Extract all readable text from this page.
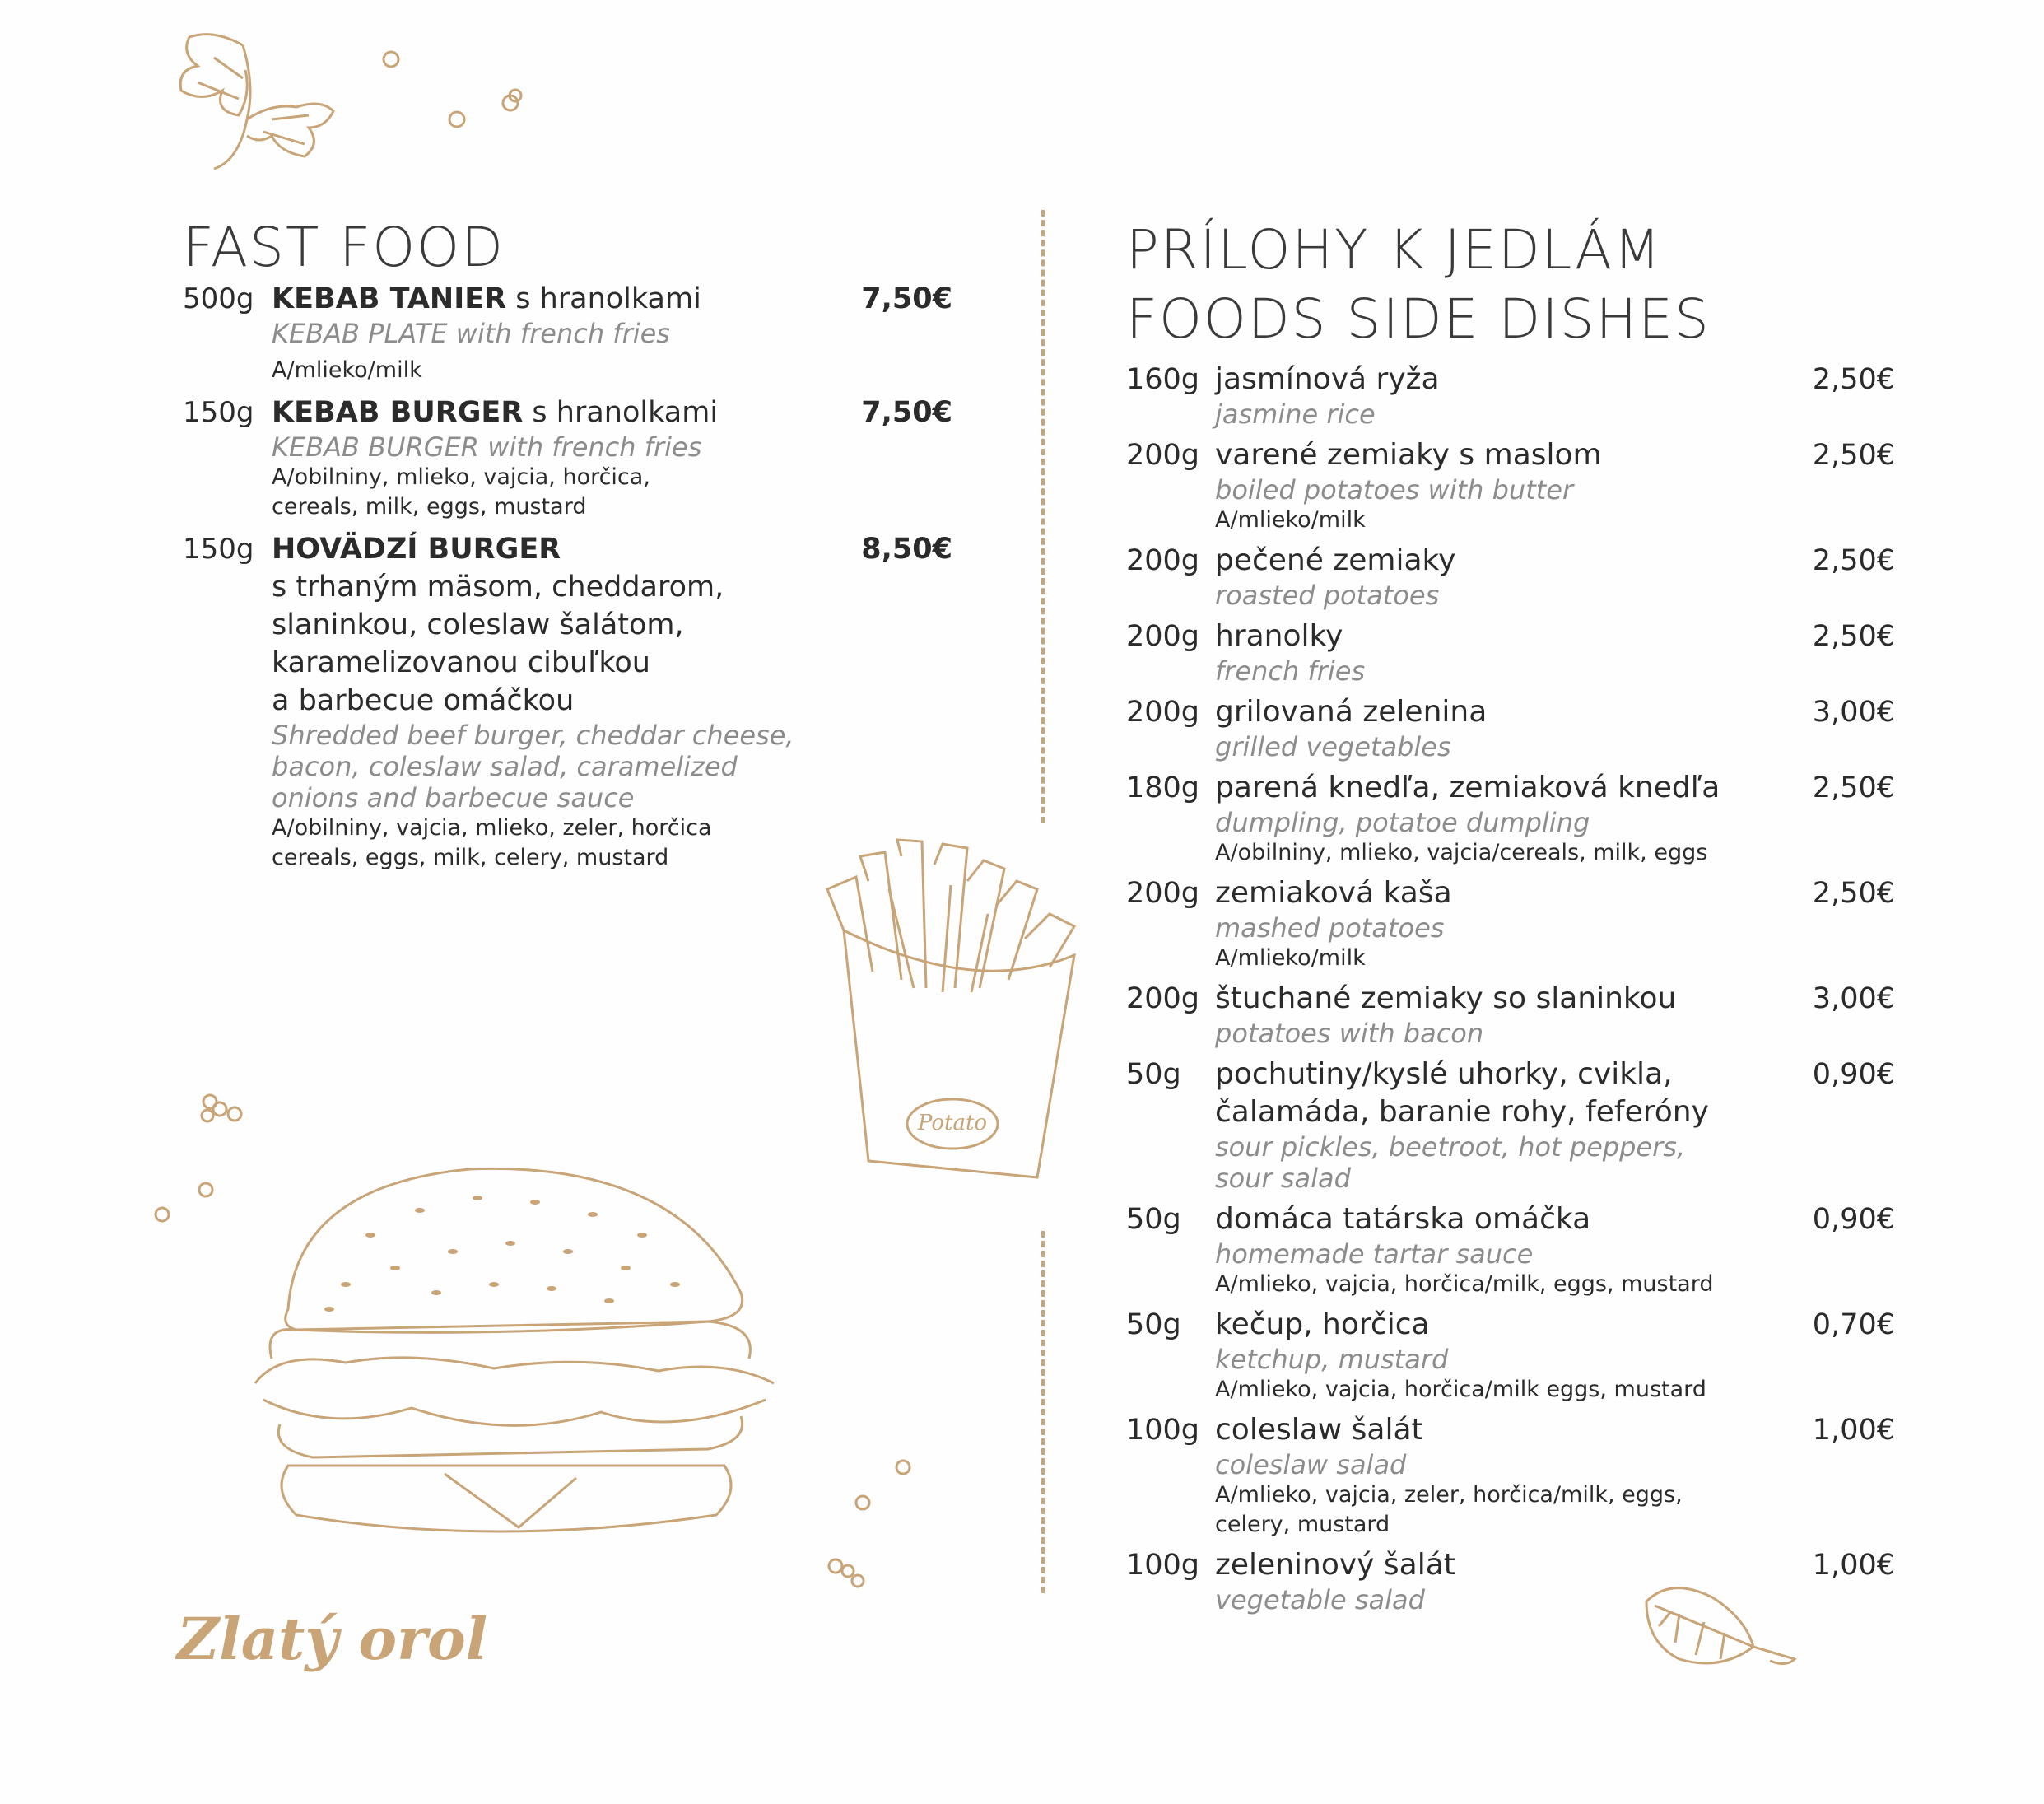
Potato
Zlatý orol
FAST FOOD
500g KEBAB TANIER s hranolkami	7,50€
KEBAB PLATE with french fries
A/mlieko/milk
150g KEBAB BURGER s hranolkami	7,50€
KEBAB BURGER with french fries
A/obilniny, mlieko, vajcia, horčica,
cereals, milk, eggs, mustard
150g HOVÄDZÍ BURGER	8,50€
s trhaným mäsom, cheddarom,
slaninkou, coleslaw šalátom,
karamelizovanou cibuľkou
a barbecue omáčkou
Shredded beef burger, cheddar cheese,
bacon, coleslaw salad, caramelized
onions and barbecue sauce
A/obilniny, vajcia, mlieko, zeler, horčica
cereals, eggs, milk, celery, mustard
PRÍLOHY K JEDLÁM
FOODS SIDE DISHES
160g jasmínová ryža	2,50€
jasmine rice
200g varené zemiaky s maslom	2,50€
boiled potatoes with butter
A/mlieko/milk
200g pečené zemiaky	2,50€
roasted potatoes
200g hranolky	2,50€
french fries
200g grilovaná zelenina	3,00€
grilled vegetables
180g parená knedľa, zemiaková knedľa	2,50€
dumpling, potatoe dumpling
A/obilniny, mlieko, vajcia/cereals, milk, eggs
200g zemiaková kaša	2,50€
mashed potatoes
A/mlieko/milk
200g štuchané zemiaky so slaninkou	3,00€
potatoes with bacon
50g pochutiny/kyslé uhorky, cvikla,
čalamáda, baranie rohy, feferóny
0,90€
sour pickles, beetroot, hot peppers,
sour salad
50g domáca tatárska omáčka	0,90€
homemade tartar sauce
A/mlieko, vajcia, horčica/milk, eggs, mustard
50g kečup, horčica	0,70€
ketchup, mustard
A/mlieko, vajcia, horčica/milk eggs, mustard
100g coleslaw šalát	1,00€
coleslaw salad
A/mlieko, vajcia, zeler, horčica/milk, eggs,
celery, mustard
100g zeleninový šalát	1,00€
vegetable salad
